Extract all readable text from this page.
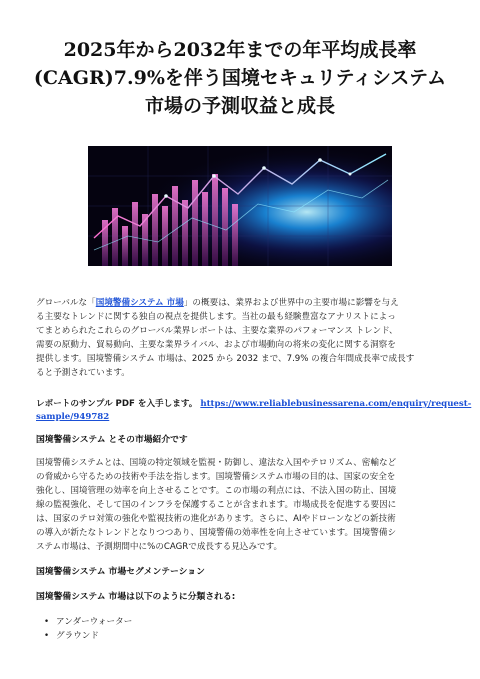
2025年から2032年までの年平均成長率
(CAGR)7.9%を伴う国境セキュリティシステム
市場の予測収益と成長

グローバルな「国境警備システム 市場」の概要は、業界および世界中の主要市場に影響を与え
る主要なトレンドに関する独自の視点を提供します。当社の最も経験豊富なアナリストによっ
てまとめられたこれらのグローバル業界レポートは、主要な業界のパフォーマンス トレンド、
需要の原動力、貿易動向、主要な業界ライバル、および市場動向の将来の変化に関する洞察を
提供します。国境警備システム 市場は、2025 から 2032 まで、7.9% の複合年間成長率で成長す
ると予測されています。

レポートのサンプル PDF を入手します。 https://www.reliablebusinessarena.com/enquiry/request-
sample/949782
国境警備システム とその市場紹介です

国境警備システムとは、国境の特定領域を監視・防御し、違法な入国やテロリズム、密輸など
の脅威から守るための技術や手法を指します。国境警備システム市場の目的は、国家の安全を
強化し、国境管理の効率を向上させることです。この市場の利点には、不法入国の防止、国境
線の監視強化、そして国のインフラを保護することが含まれます。市場成長を促進する要因に
は、国家のテロ対策の強化や監視技術の進化があります。さらに、AIやドローンなどの新技術
の導入が新たなトレンドとなりつつあり、国境警備の効率性を向上させています。国境警備シ
ステム市場は、予測期間中に%のCAGRで成長する見込みです。

国境警備システム 市場セグメンテーション
国境警備システム 市場は以下のように分類される:
• アンダーウォーター
• グラウンド
